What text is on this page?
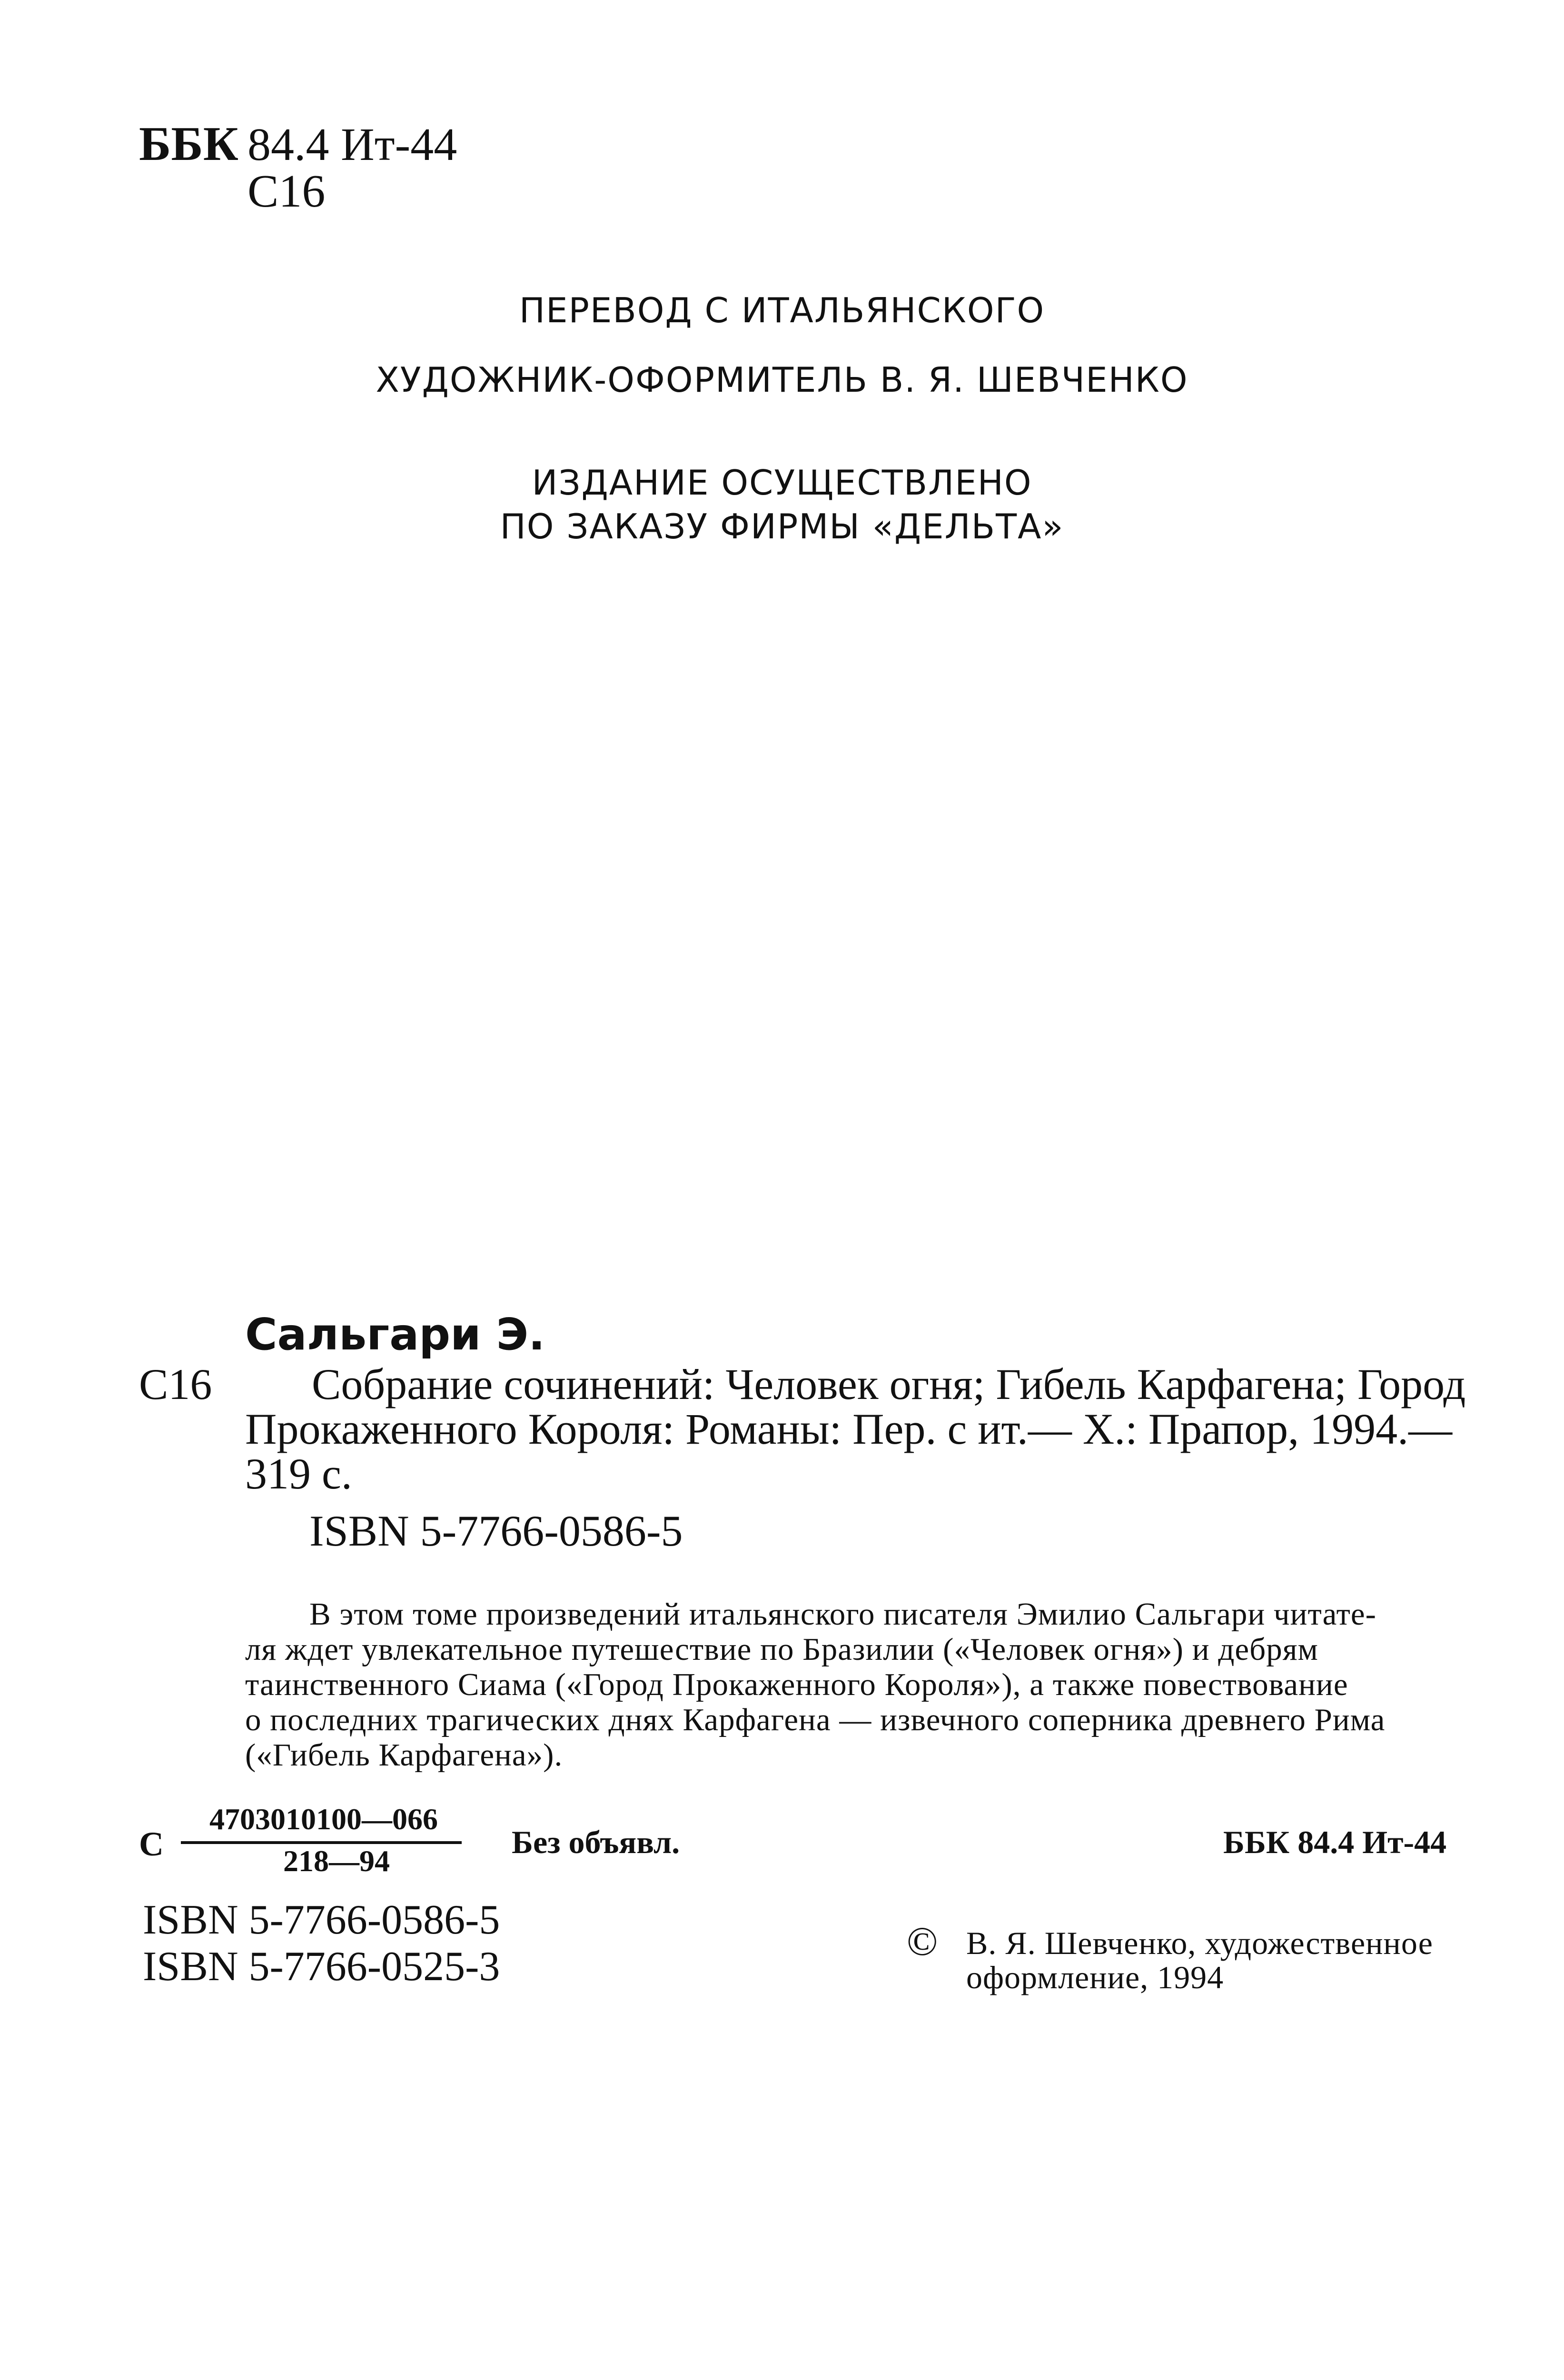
ББК 84.4 Ит-44
С16
ПЕРЕВОД С ИТАЛЬЯНСКОГО
ХУДОЖНИК-ОФОРМИТЕЛЬ В. Я. ШЕВЧЕНКО
ИЗДАНИЕ ОСУЩЕСТВЛЕНО
ПО ЗАКАЗУ ФИРМЫ «ДЕЛЬТА»
Сальгари Э.
С16 Собрание сочинений: Человек огня; Гибель Карфагена; Город
Прокаженного Короля: Романы: Пер. с ит.— Х.: Прапор, 1994.—
319 с.
ISBN 5-7766-0586-5
В этом томе произведений итальянского писателя Эмилио Сальгари читате-
ля ждет увлекательное путешествие по Бразилии («Человек огня») и дебрям
таинственного Сиама («Город Прокаженного Короля»), а также повествование
о последних трагических днях Карфагена — извечного соперника древнего Рима
(«Гибель Карфагена»).
С
4703010100—066
218—94
Без объявл.	ББК 84.4 Ит-44
ISBN 5-7766-0586-5
ISBN 5-7766-0525-3
© В. Я. Шевченко, художественное
оформление, 1994
